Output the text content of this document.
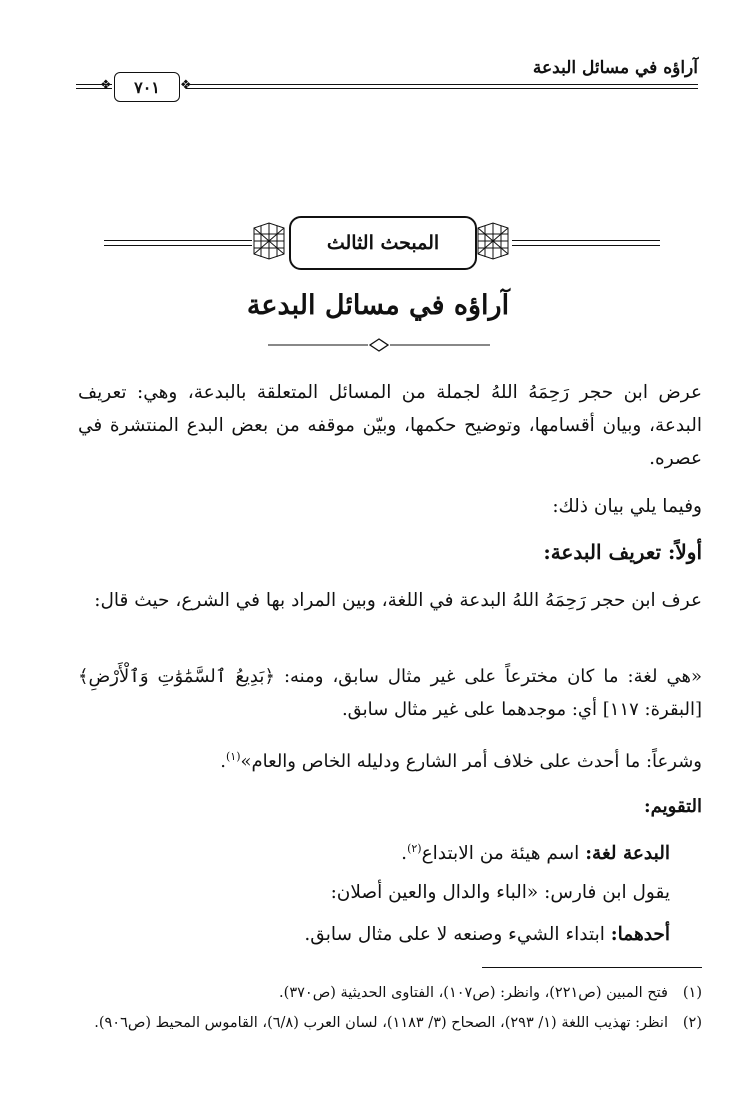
آراؤه في مسائل البدعة
❖	❖
٧٠١
المبحث الثالث
آراؤه في مسائل البدعة
عرض ابن حجر رَحِمَهُ اللهُ لجملة من المسائل المتعلقة بالبدعة، وهي: تعريف البدعة، وبيان أقسامها، وتوضيح حكمها، وبيّن موقفه من بعض البدع المنتشرة في عصره.
وفيما يلي بيان ذلك:
أولاً: تعريف البدعة:
عرف ابن حجر رَحِمَهُ اللهُ البدعة في اللغة، وبين المراد بها في الشرع، حيث قال:
«هي لغة: ما كان مخترعاً على غير مثال سابق، ومنه: ﴿بَدِيعُ ٱلسَّمَٰوَٰتِ وَٱلْأَرْضِ﴾ [البقرة: ١١٧] أي: موجدهما على غير مثال سابق.
وشرعاً: ما أحدث على خلاف أمر الشارع ودليله الخاص والعام»$^{(١)}$.
التقويم:
البدعة لغة: اسم هيئة من الابتداع$^{(٢)}$.
يقول ابن فارس: «الباء والدال والعين أصلان:
أحدهما: ابتداء الشيء وصنعه لا على مثال سابق.
(١)فتح المبين (ص٢٢١)، وانظر: (ص١٠٧)، الفتاوى الحديثية (ص٣٧٠).
(٢)انظر: تهذيب اللغة (١/ ٢٩٣)، الصحاح (٣/ ١١٨٣)، لسان العرب (٦/٨)، القاموس المحيط (ص٩٠٦).
